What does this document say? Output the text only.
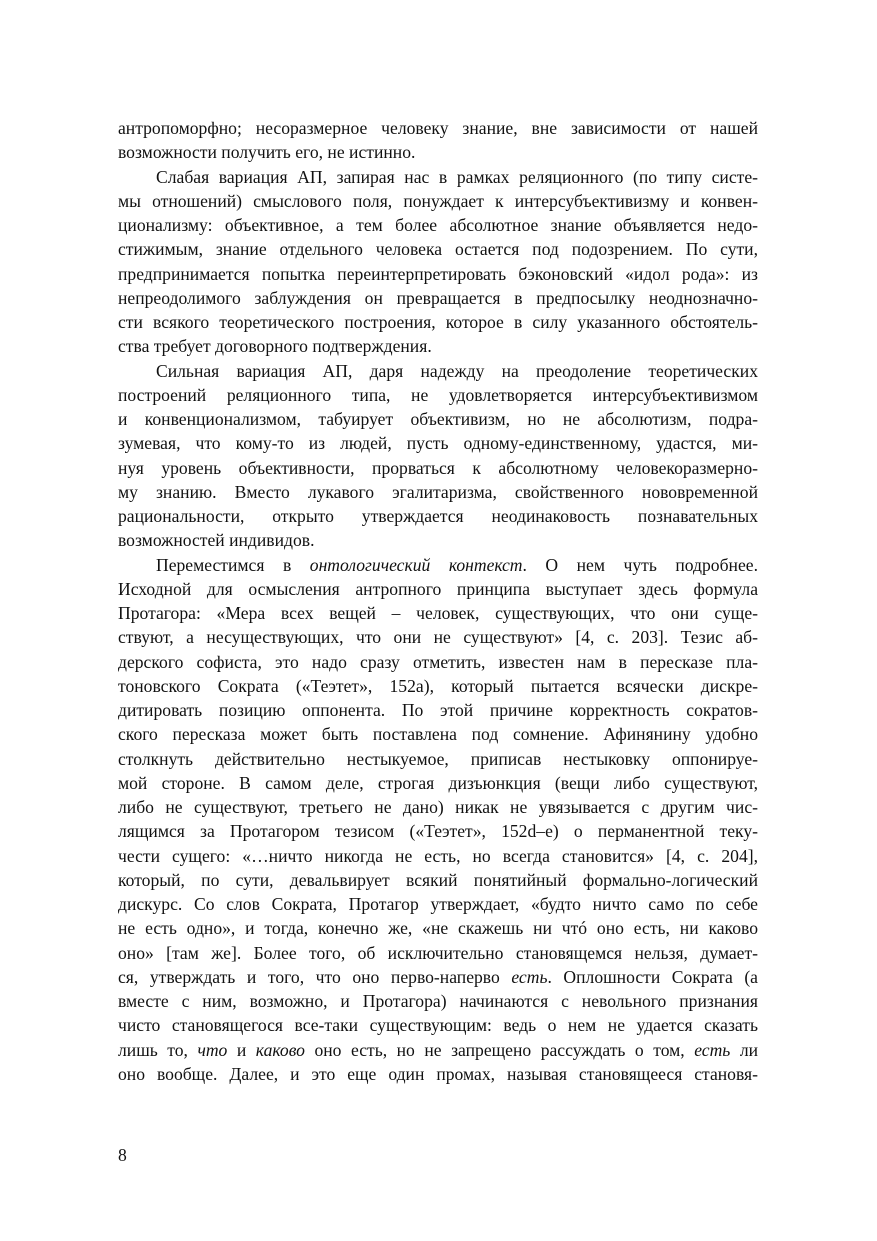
антропоморфно; несоразмерное человеку знание, вне зависимости от нашей
возможности получить его, не истинно.
Слабая вариация АП, запирая нас в рамках реляционного (по типу систе-
мы отношений) смыслового поля, понуждает к интерсубъективизму и конвен-
ционализму: объективное, а тем более абсолютное знание объявляется недо-
стижимым, знание отдельного человека остается под подозрением. По сути,
предпринимается попытка переинтерпретировать бэконовский «идол рода»: из
непреодолимого заблуждения он превращается в предпосылку неоднозначно-
сти всякого теоретического построения, которое в силу указанного обстоятель-
ства требует договорного подтверждения.
Сильная вариация АП, даря надежду на преодоление теоретических
построений реляционного типа, не удовлетворяется интерсубъективизмом
и конвенционализмом, табуирует объективизм, но не абсолютизм, подра-
зумевая, что кому-то из людей, пусть одному-единственному, удастся, ми-
нуя уровень объективности, прорваться к абсолютному человекоразмерно-
му знанию. Вместо лукавого эгалитаризма, свойственного нововременной
рациональности, открыто утверждается неодинаковость познавательных
возможностей индивидов.
Переместимся в онтологический контекст. О нем чуть подробнее.
Исходной для осмысления антропного принципа выступает здесь формула
Протагора: «Мера всех вещей – человек, существующих, что они суще-
ствуют, а несуществующих, что они не существуют» [4, с. 203]. Тезис аб-
дерского софиста, это надо сразу отметить, известен нам в пересказе пла-
тоновского Сократа («Теэтет», 152a), который пытается всячески дискре-
дитировать позицию оппонента. По этой причине корректность сократов-
ского пересказа может быть поставлена под сомнение. Афинянину удобно
столкнуть действительно нестыкуемое, приписав нестыковку оппонируе-
мой стороне. В самом деле, строгая дизъюнкция (вещи либо существуют,
либо не существуют, третьего не дано) никак не увязывается с другим чис-
лящимся за Протагором тезисом («Теэтет», 152d–e) о перманентной теку-
чести сущего: «…ничто никогда не есть, но всегда становится» [4, с. 204],
который, по сути, девальвирует всякий понятийный формально-логический
дискурс. Со слов Сократа, Протагор утверждает, «будто ничто само по себе
не есть одно», и тогда, конечно же, «не скажешь ни чтó оно есть, ни каково
оно» [там же]. Более того, об исключительно становящемся нельзя, думает-
ся, утверждать и того, что оно перво-наперво есть. Оплошности Сократа (а
вместе с ним, возможно, и Протагора) начинаются с невольного признания
чисто становящегося все-таки существующим: ведь о нем не удается сказать
лишь то, что и каково оно есть, но не запрещено рассуждать о том, есть ли
оно вообще. Далее, и это еще один промах, называя становящееся становя-
8
